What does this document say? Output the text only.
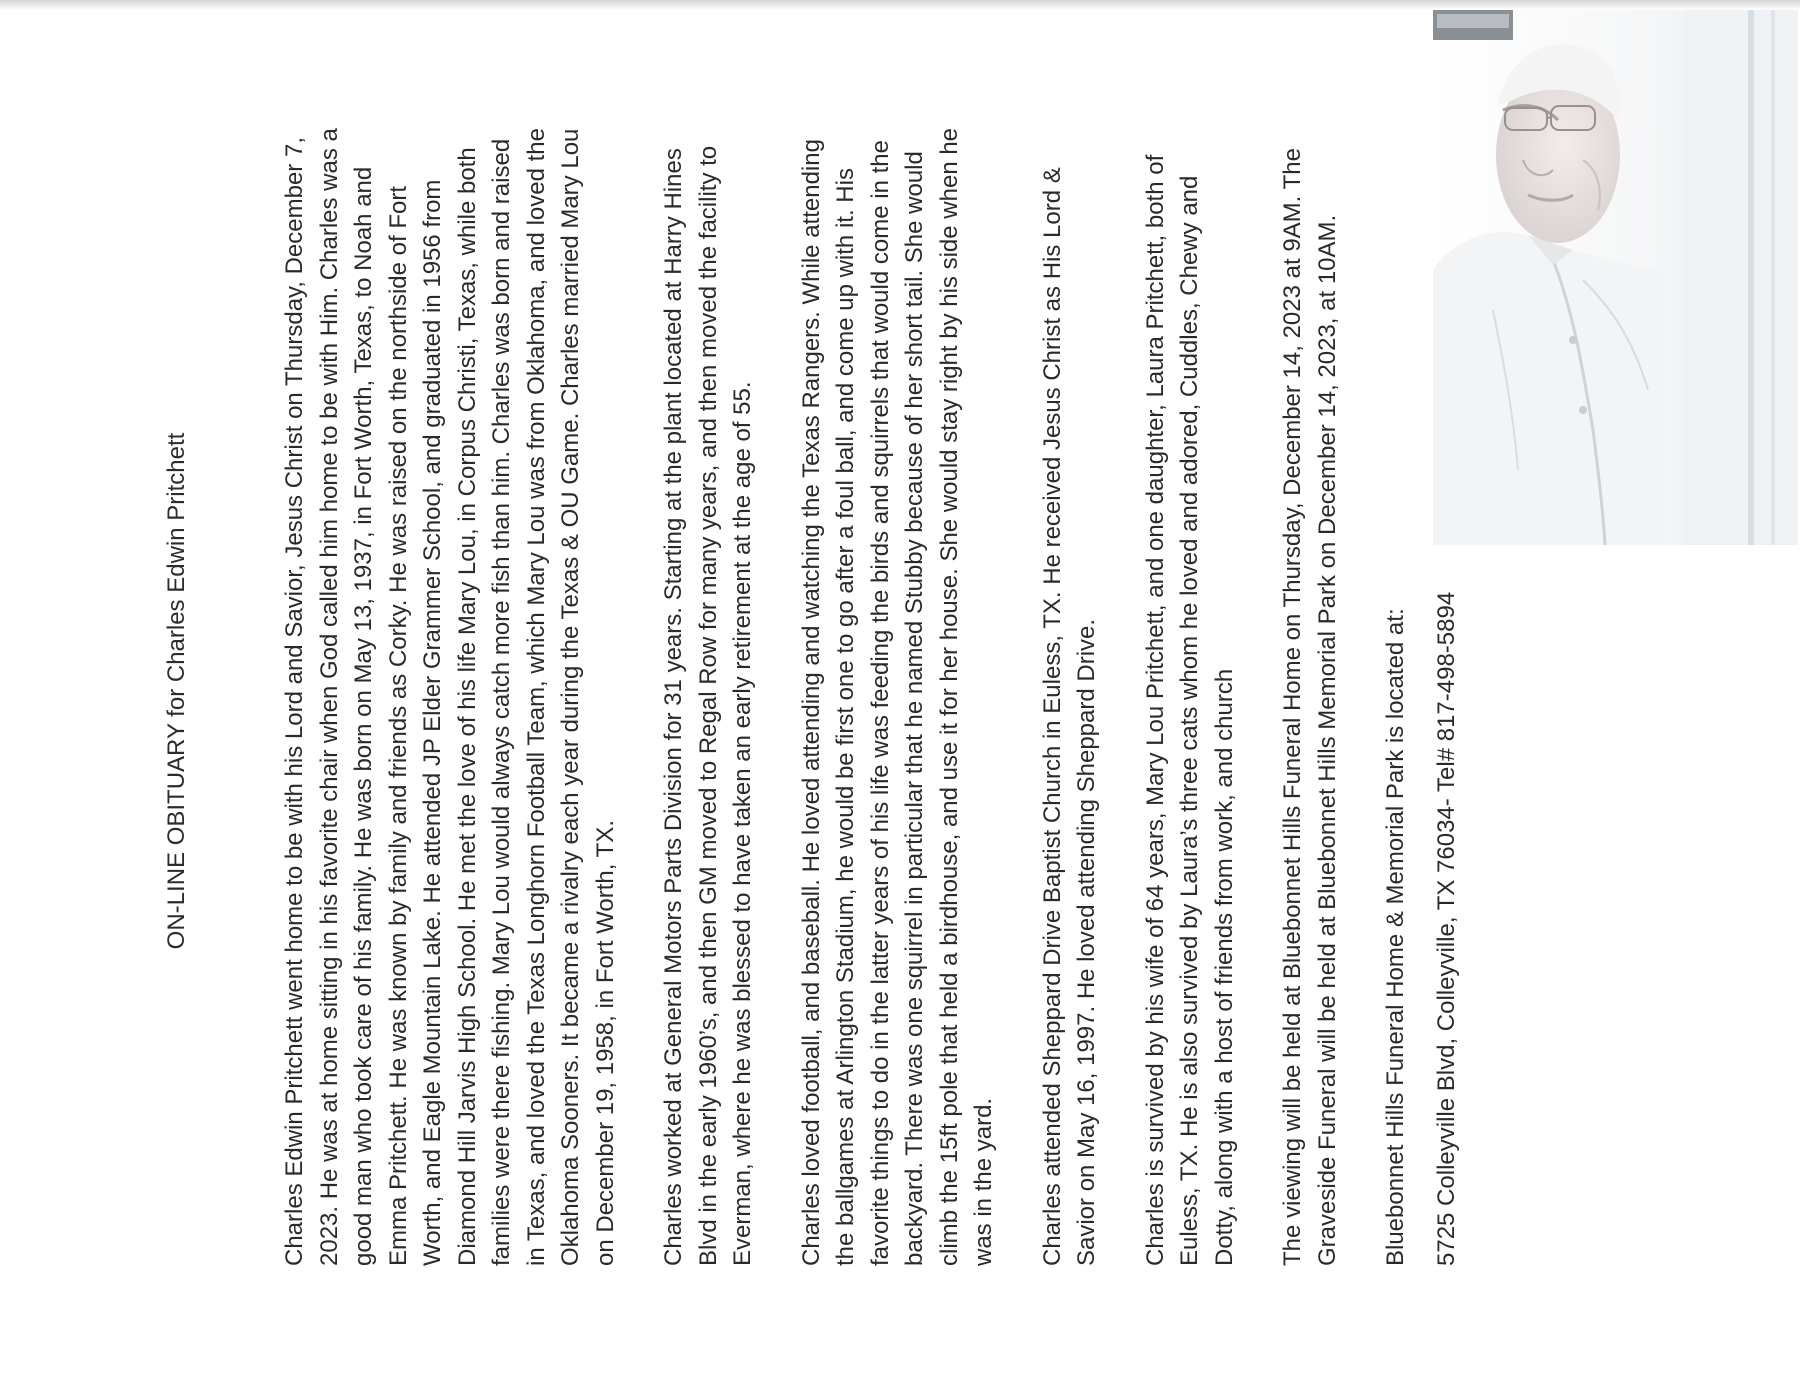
ON-LINE OBITUARY for Charles Edwin Pritchett	Charles Edwin Pritchett went home to be with his Lord and Savior, Jesus Christ on Thursday, December 7, 2023. He was at home sitting in his favorite chair when God called him home to be with Him. Charles was a good man who took care of his family. He was born on May 13, 1937, in Fort Worth, Texas, to Noah and Emma Pritchett. He was known by family and friends as Corky. He was raised on the northside of Fort Worth, and Eagle Mountain Lake. He attended JP Elder Grammer School, and graduated in 1956 from Diamond Hill Jarvis High School. He met the love of his life Mary Lou, in Corpus Christi, Texas, while both families were there fishing. Mary Lou would always catch more fish than him. Charles was born and raised in Texas, and loved the Texas Longhorn Football Team, which Mary Lou was from Oklahoma, and loved the Oklahoma Sooners. It became a rivalry each year during the Texas & OU Game. Charles married Mary Lou on December 19, 1958, in Fort Worth, TX. Charles worked at General Motors Parts Division for 31 years. Starting at the plant located at Harry Hines Blvd in the early 1960’s, and then GM moved to Regal Row for many years, and then moved the facility to Everman, where he was blessed to have taken an early retirement at the age of 55. Charles loved football, and baseball. He loved attending and watching the Texas Rangers. While attending the ballgames at Arlington Stadium, he would be first one to go after a foul ball, and come up with it. His favorite things to do in the latter years of his life was feeding the birds and squirrels that would come in the backyard. There was one squirrel in particular that he named Stubby because of her short tail. She would climb the 15ft pole that held a birdhouse, and use it for her house. She would stay right by his side when he was in the yard. Charles attended Sheppard Drive Baptist Church in Euless, TX. He received Jesus Christ as His Lord & Savior on May 16, 1997. He loved attending Sheppard Drive. Charles is survived by his wife of 64 years, Mary Lou Pritchett, and one daughter, Laura Pritchett, both of Euless, TX. He is also survived by Laura’s three cats whom he loved and adored, Cuddles, Chewy and Dotty, along with a host of friends from work, and church The viewing will be held at Bluebonnet Hills Funeral Home on Thursday, December 14, 2023 at 9AM. The Graveside Funeral will be held at Bluebonnet Hills Memorial Park on December 14, 2023, at 10AM. Bluebonnet Hills Funeral Home & Memorial Park is located at: 5725 Colleyville Blvd, Colleyville, TX 76034- Tel# 817-498-5894
